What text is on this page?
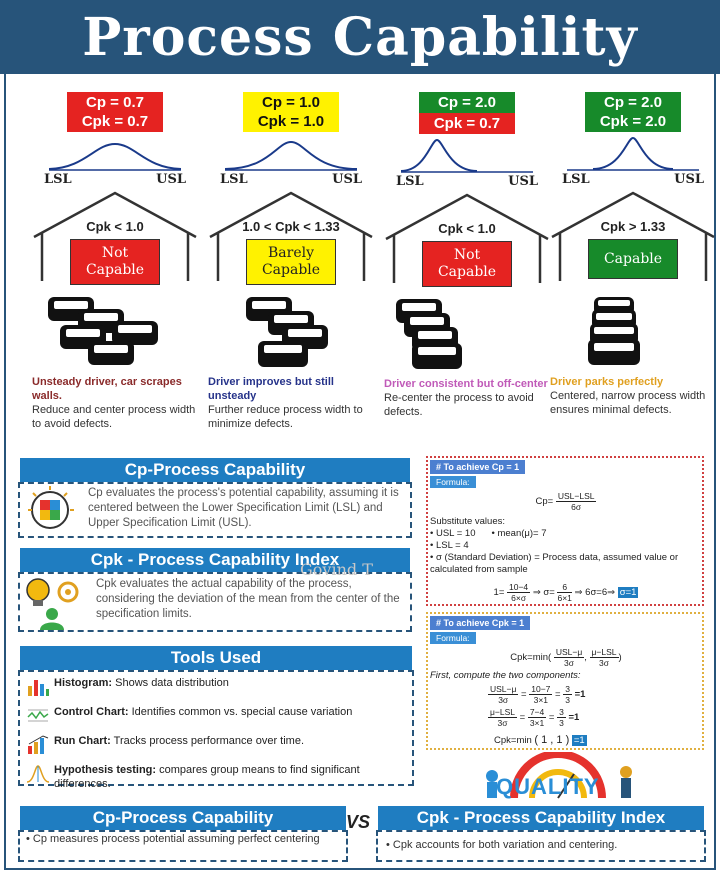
Process Capability
Cp = 0.7
Cpk = 0.7
LSL	USL
Cpk < 1.0
Not
Capable
Unsteady driver, car scrapes walls.
Reduce and center process width to avoid defects.
Cp = 1.0
Cpk = 1.0
LSL	USL
1.0 < Cpk < 1.33
Barely
Capable
Driver improves but still unsteady
Further reduce process width to minimize defects.
Cp = 2.0
Cpk = 0.7
LSL	USL
Cpk < 1.0
Not
Capable
Driver consistent but off-center
Re-center the process to avoid defects.
Cp = 2.0
Cpk = 2.0
LSL	USL
Cpk > 1.33
Capable
Driver parks perfectly
Centered, narrow process width ensures minimal defects.
Cp-Process Capability
Cp evaluates the process's potential capability, assuming it is centered between the Lower Specification Limit (LSL) and Upper Specification Limit (USL).
Cpk - Process Capability Index
Cpk evaluates the actual capability of the process, considering the deviation of the mean from the center of the specification limits.
Govind T
Tools Used
Histogram: Shows data distribution
Control Chart: Identifies common vs. special cause variation
Run Chart: Tracks process performance over time.
Hypothesis testing: compares group means to find significant differences.
# To achieve Cp = 1
Formula:
$Cp= \frac{\text{USL−LSL}}{6\sigma}$
Substitute values:
• USL = 10 • mean(μ)= 7
• LSL = 4
• σ (Standard Deviation) = Process data, assumed value or calculated from sample
$1= \frac{10-4}{6\times\sigma}$ ⇒ $\sigma= \frac{6}{6\times 1}$ ⇒ 6σ=6⇒ σ=1
# To achieve Cpk = 1
Formula:
$Cpk=\min( \frac{\text{USL−μ}}{3\sigma}$ , $\frac{\text{μ−LSL}}{3\sigma}$ )
First, compute the two components:
$\frac{\text{USL−μ}}{3\sigma} = \frac{10-7}{3\times 1} = \frac{3}{3} =1$
$\frac{\text{μ−LSL}}{3\sigma} = \frac{7-4}{3\times 1} = \frac{3}{3} =1$
Cpk=min ( 1 , 1 ) =1
QUALITY
Cp-Process Capability
• Cp measures process potential assuming perfect centering
VS	Cpk - Process Capability Index
• Cpk accounts for both variation and centering.
